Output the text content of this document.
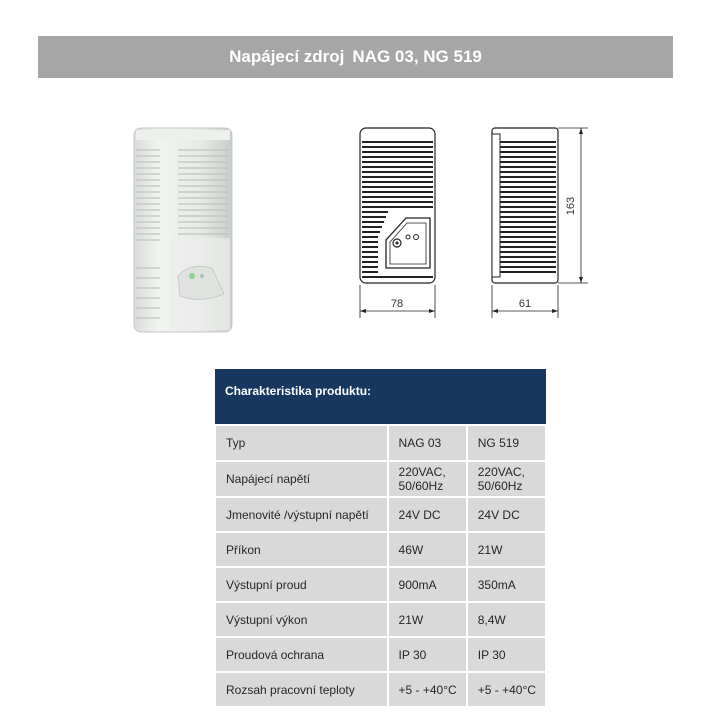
Napájecí zdroj NAG 03, NG 519
78	61
163
Charakteristika produktu:		
Typ	NAG 03	NG 519
Napájecí napětí	220VAC, 50/60Hz	220VAC, 50/60Hz
Jmenovité /výstupní napětí	24V DC	24V DC
Příkon	46W	21W
Výstupní proud	900mA	350mA
Výstupní výkon	21W	8,4W
Proudová ochrana	IP 30	IP 30
Rozsah pracovní teploty	+5 - +40°C	+5 - +40°C
